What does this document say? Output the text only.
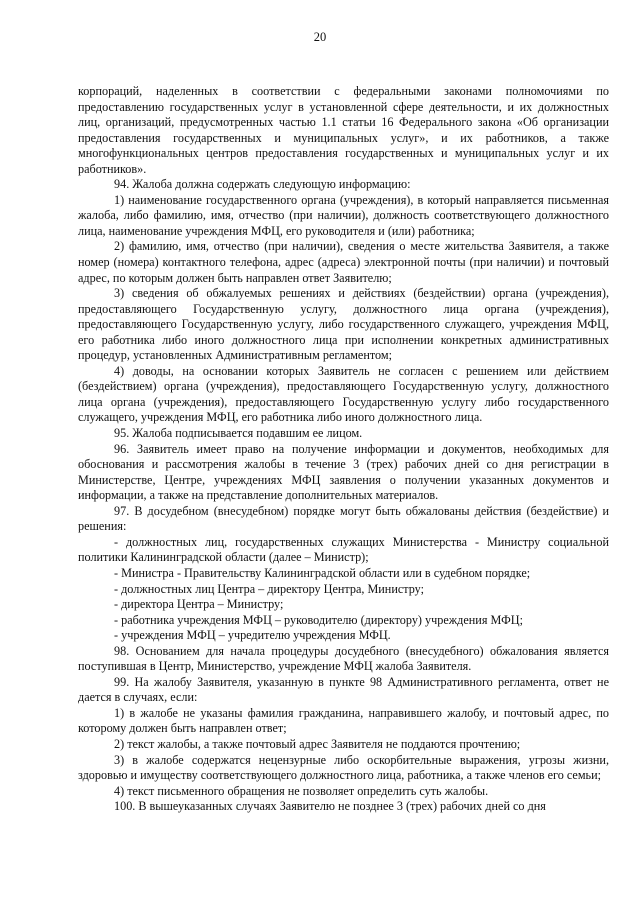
20

корпораций, наделенных в соответствии с федеральными законами полномочиями по предоставлению государственных услуг в установленной сфере деятельности, и их должностных лиц, организаций, предусмотренных частью 1.1 статьи 16 Федерального закона «Об организации предоставления государственных и муниципальных услуг», и их работников, а также многофункциональных центров предоставления государственных и муниципальных услуг и их работников».

94. Жалоба должна содержать следующую информацию:

1) наименование государственного органа (учреждения), в который направляется письменная жалоба, либо фамилию, имя, отчество (при наличии), должность соответствующего должностного лица, наименование учреждения МФЦ, его руководителя и (или) работника;

2) фамилию, имя, отчество (при наличии), сведения о месте жительства Заявителя, а также номер (номера) контактного телефона, адрес (адреса) электронной почты (при наличии) и почтовый адрес, по которым должен быть направлен ответ Заявителю;

3) сведения об обжалуемых решениях и действиях (бездействии) органа (учреждения), предоставляющего Государственную услугу, должностного лица органа (учреждения), предоставляющего Государственную услугу, либо государственного служащего, учреждения МФЦ, его работника либо иного должностного лица при исполнении конкретных административных процедур, установленных Административным регламентом;

4) доводы, на основании которых Заявитель не согласен с решением или действием (бездействием) органа (учреждения), предоставляющего Государственную услугу, должностного лица органа (учреждения), предоставляющего Государственную услугу либо государственного служащего, учреждения МФЦ, его работника либо иного должностного лица.

95. Жалоба подписывается подавшим ее лицом.

96. Заявитель имеет право на получение информации и документов, необходимых для обоснования и рассмотрения жалобы в течение 3 (трех) рабочих дней со дня регистрации в Министерстве, Центре, учреждениях МФЦ заявления о получении указанных документов и информации, а также на представление дополнительных материалов.

97. В досудебном (внесудебном) порядке могут быть обжалованы действия (бездействие) и решения:

- должностных лиц, государственных служащих Министерства - Министру социальной политики Калининградской области (далее – Министр);

- Министра - Правительству Калининградской области или в судебном порядке;

- должностных лиц Центра – директору Центра, Министру;

- директора Центра – Министру;

- работника учреждения МФЦ – руководителю (директору) учреждения МФЦ;

- учреждения МФЦ – учредителю учреждения МФЦ.

98. Основанием для начала процедуры досудебного (внесудебного) обжалования является поступившая в Центр, Министерство, учреждение МФЦ жалоба Заявителя.

99. На жалобу Заявителя, указанную в пункте 98 Административного регламента, ответ не дается в случаях, если:

1) в жалобе не указаны фамилия гражданина, направившего жалобу, и почтовый адрес, по которому должен быть направлен ответ;

2) текст жалобы, а также почтовый адрес Заявителя не поддаются прочтению;

3) в жалобе содержатся нецензурные либо оскорбительные выражения, угрозы жизни, здоровью и имуществу соответствующего должностного лица, работника, а также членов его семьи;

4) текст письменного обращения не позволяет определить суть жалобы.

100. В вышеуказанных случаях Заявителю не позднее 3 (трех) рабочих дней со дня
